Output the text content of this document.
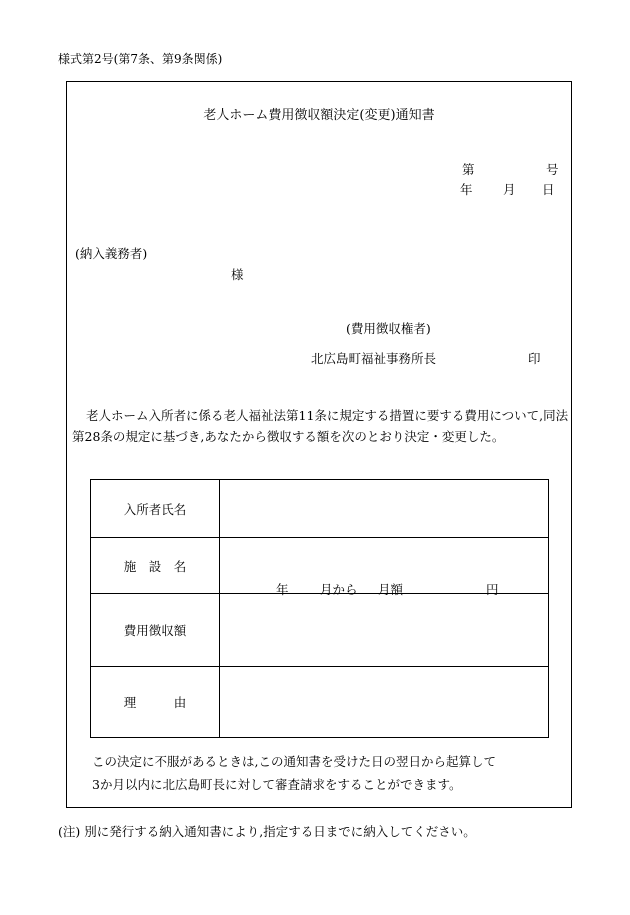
様式第2号(第7条、第9条関係)
老人ホーム費用徴収額決定(変更)通知書
第	号
年 月 日
(納入義務者)
様
(費用徴収権者)
北広島町福祉事務所長	印
老人ホーム入所者に係る老人福祉法第11条に規定する措置に要する費用について,同法第28条の規定に基づき,あなたから徴収する額を次のとおり決定・変更した。
入所者氏名	
施　設　名	
費用徴収額	年 月から 月額 円

理　　　由	
この決定に不服があるときは,この通知書を受けた日の翌日から起算して
3か月以内に北広島町長に対して審査請求をすることができます。
(注) 別に発行する納入通知書により,指定する日までに納入してください。
